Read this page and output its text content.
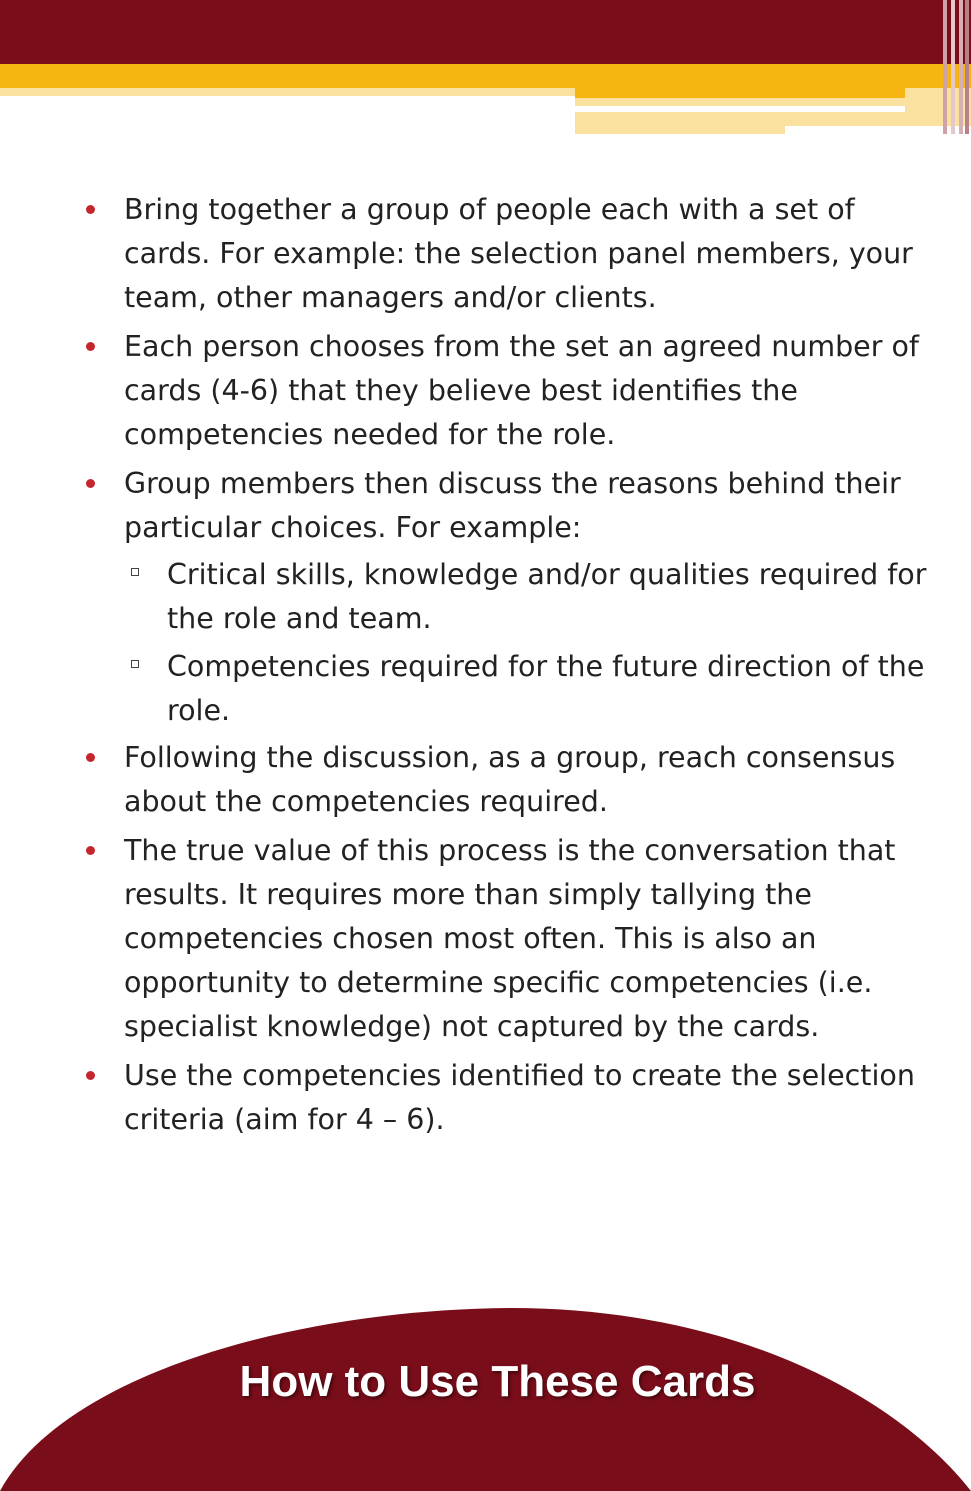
Bring together a group of people each with a set of cards. For example: the selection panel members, your team, other managers and/or clients.
Each person chooses from the set an agreed number of cards (4-6) that they believe best identifies the competencies needed for the role.
Group members then discuss the reasons behind their particular choices. For example:
Critical skills, knowledge and/or qualities required for the role and team.
Competencies required for the future direction of the role.
Following the discussion, as a group, reach consensus about the competencies required.
The true value of this process is the conversation that results. It requires more than simply tallying the competencies chosen most often. This is also an opportunity to determine specific competencies (i.e. specialist knowledge) not captured by the cards.
Use the competencies identified to create the selection criteria (aim for 4 – 6).
How to Use These Cards
